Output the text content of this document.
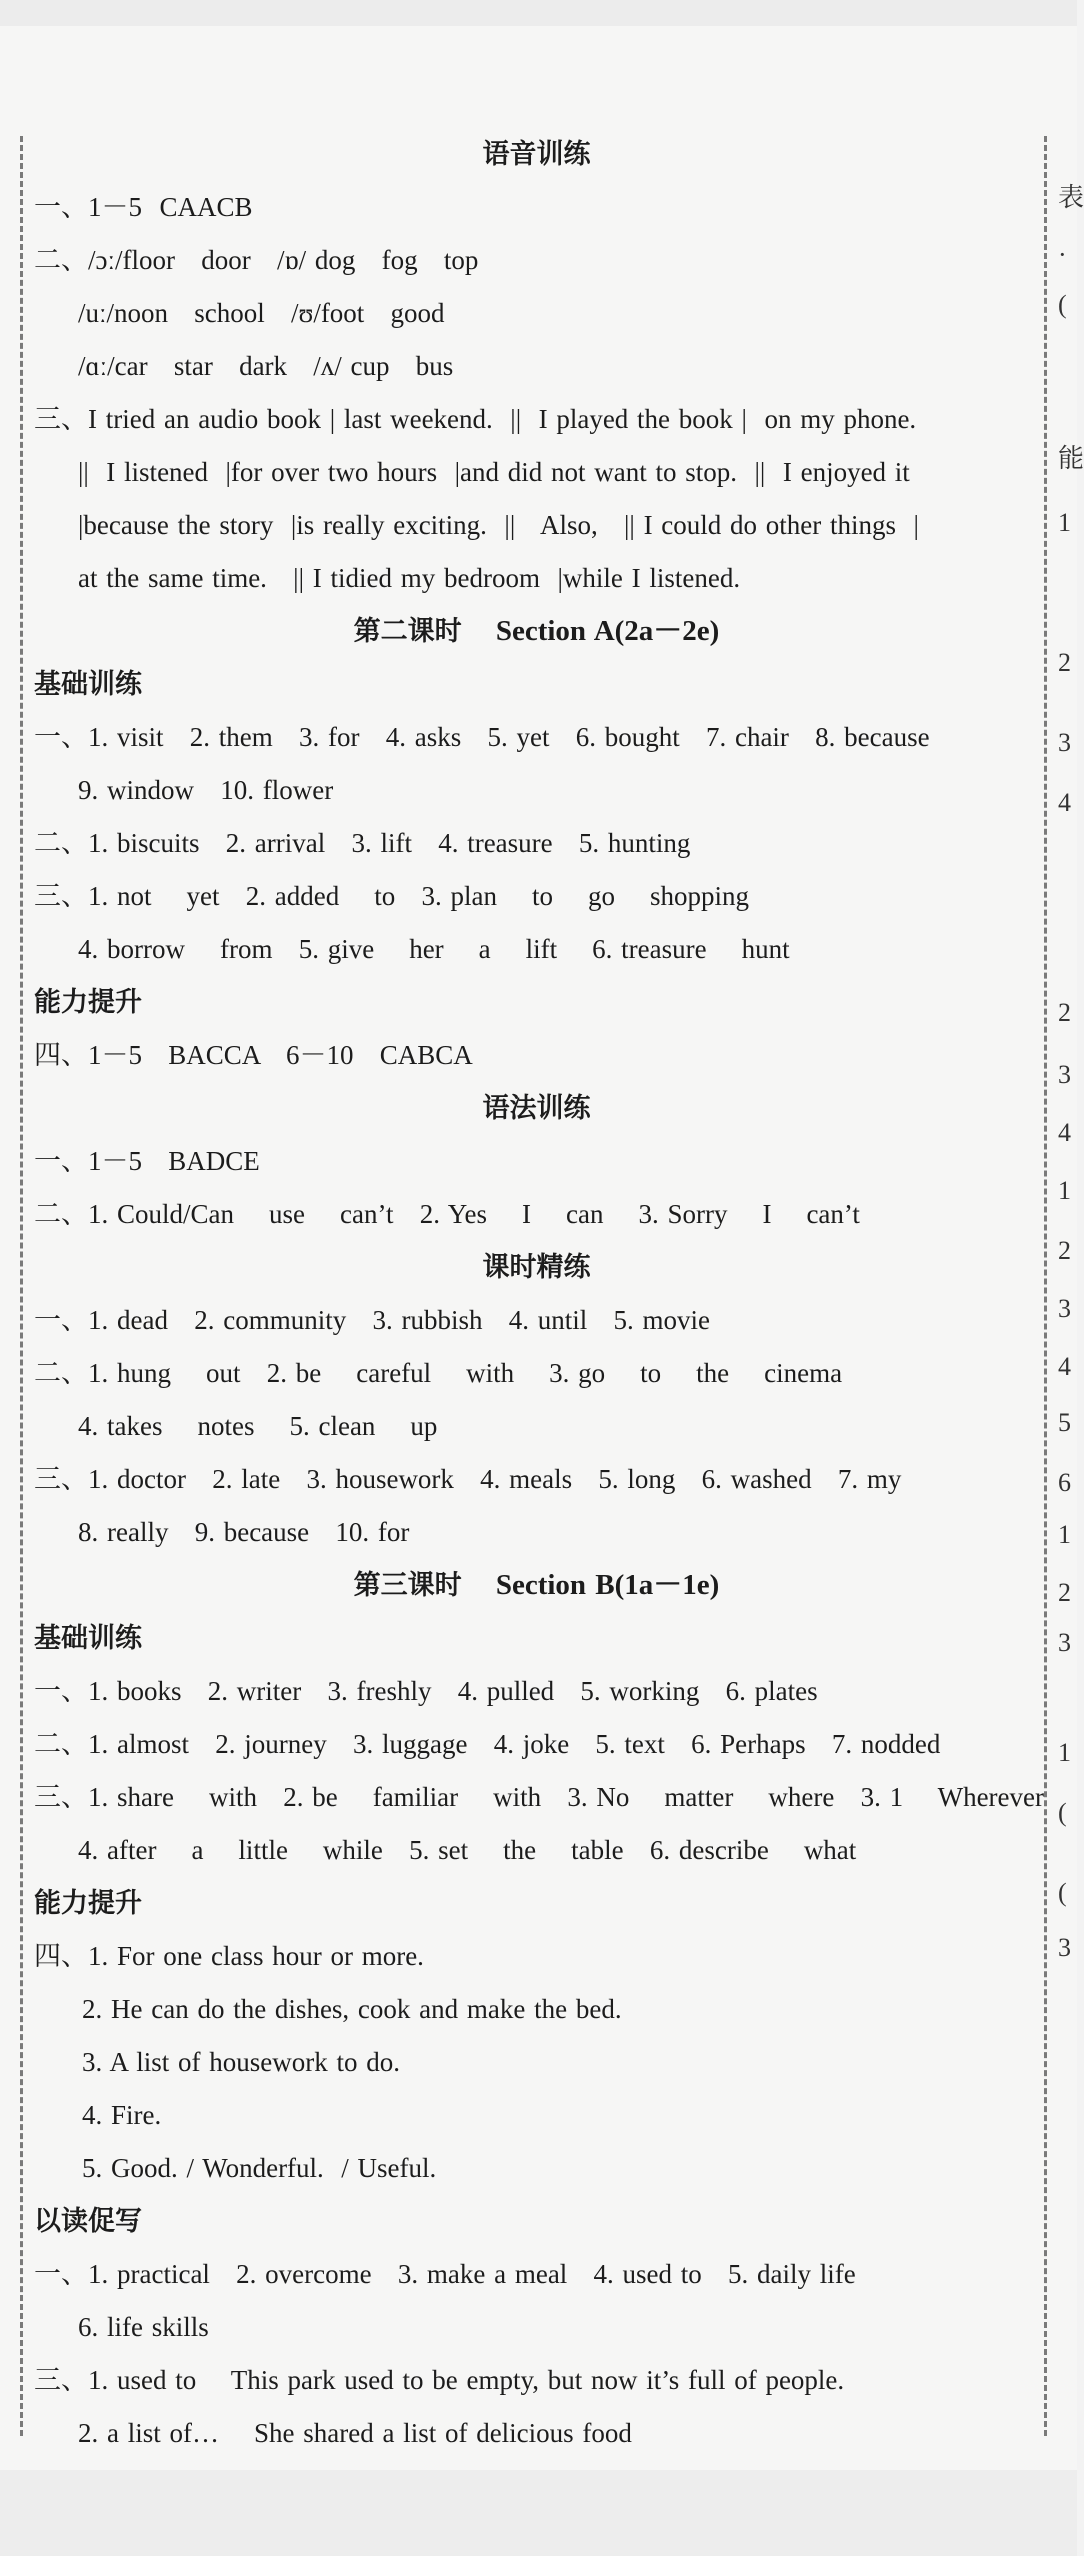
表
·
(
能
1
2
3
4
2
3
4
1
2
3
4
5
6
1
2
3
1
(
(
3
语音训练
一、1－5  CAACB
二、/ɔː/floor   door   /ɒ/ dog   fog   top
/uː/noon   school   /ʊ/foot   good
/ɑː/car   star   dark   /ʌ/ cup   bus
三、I tried an audio book | last weekend.  ||  I played the book |  on my phone.
||  I listened  |for over two hours  |and did not want to stop.  ||  I enjoyed it
|because the story  |is really exciting.  ||   Also,   || I could do other things  |
at the same time.   || I tidied my bedroom  |while I listened.
第二课时   Section A(2a－2e)
基础训练
一、1. visit   2. them   3. for   4. asks   5. yet   6. bought   7. chair   8. because
9. window   10. flower
二、1. biscuits   2. arrival   3. lift   4. treasure   5. hunting
三、1. not    yet   2. added    to   3. plan    to    go    shopping
4. borrow    from   5. give    her    a    lift    6. treasure    hunt
能力提升
四、1－5   BACCA   6－10   CABCA
语法训练
一、1－5   BADCE
二、1. Could/Can    use    can’t   2. Yes    I    can    3. Sorry    I    can’t
课时精练
一、1. dead   2. community   3. rubbish   4. until   5. movie
二、1. hung    out   2. be    careful    with    3. go    to    the    cinema
4. takes    notes    5. clean    up
三、1. doctor   2. late   3. housework   4. meals   5. long   6. washed   7. my
8. really   9. because   10. for
第三课时   Section B(1a－1e)
基础训练
一、1. books   2. writer   3. freshly   4. pulled   5. working   6. plates
二、1. almost   2. journey   3. luggage   4. joke   5. text   6. Perhaps   7. nodded
三、1. share    with   2. be    familiar    with   3. No    matter    where   3. 1    Wherever
4. after    a    little    while   5. set    the    table   6. describe    what
能力提升
四、1. For one class hour or more.
2. He can do the dishes, cook and make the bed.
3. A list of housework to do.
4. Fire.
5. Good. / Wonderful.  / Useful.
以读促写
一、1. practical   2. overcome   3. make a meal   4. used to   5. daily life
6. life skills
三、1. used to    This park used to be empty, but now it’s full of people.
2. a list of…    She shared a list of delicious food
